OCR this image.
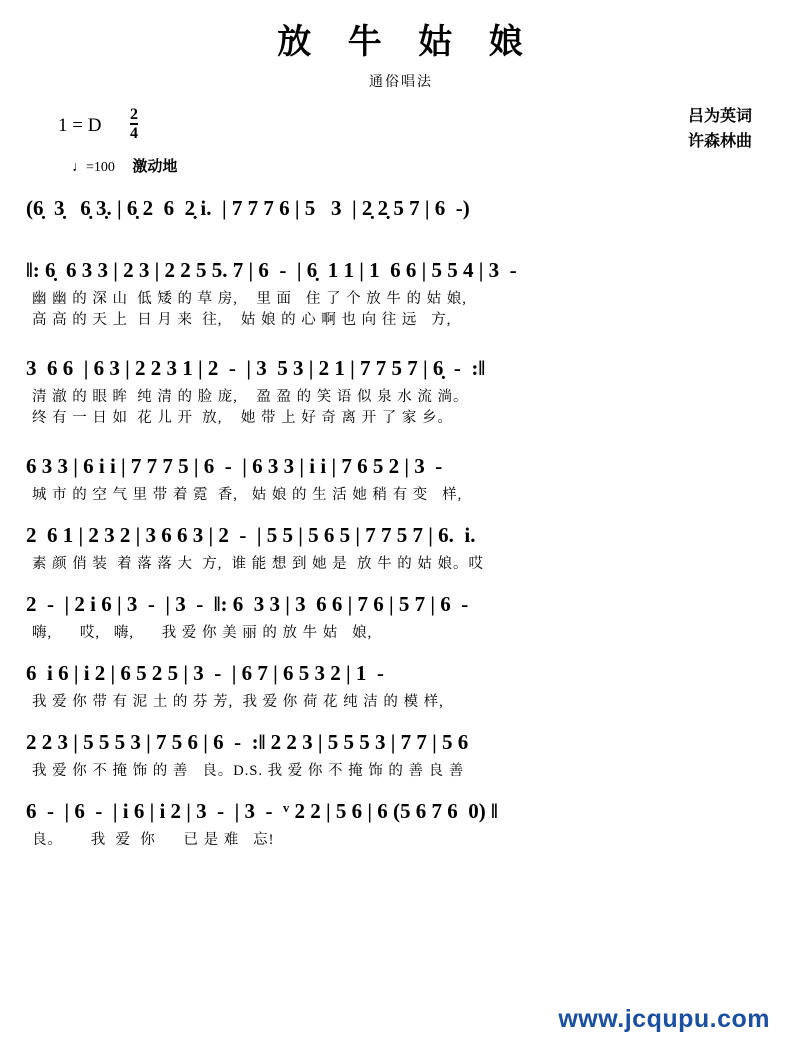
放 牛 姑 娘
通俗唱法
1 = D $\frac{2}{4}$	吕为英词
许森林曲
♩=100 激动地
(6̣  3̣   6̣ 3̣. | 6̣ 2  6  2̣ i.  | 7 7 7 6 | 5   3  | 2̣ 2̣ 5 7 | 6  -)
‖: 6̣  6 3 3 | 2 3 | 2 2 5 5. 7 | 6  -  | 6̣  1 1 | 1  6 6 | 5 5 4 | 3  -
幽 幽 的 深 山  低 矮 的 草 房,    里 面   住 了 个 放 牛 的 姑 娘,
高 高 的 天 上  日 月 来  往,    姑 娘 的 心 啊 也 向 往 远   方,
3  6 6  | 6 3 | 2 2 3 1 | 2  -  | 3  5 3 | 2 1 | 7 7 5 7 | 6̣  -  :‖
清 澈 的 眼 眸  纯 清 的 脸 庞,    盈 盈 的 笑 语 似 泉 水 流 淌。
终 有 一 日 如  花 儿 开  放,    她 带 上 好 奇 离 开 了 家 乡。
6 3 3 | 6 i i | 7 7 7 5 | 6  -  | 6 3 3 | i i | 7 6 5 2 | 3  -
城 市 的 空 气 里 带 着 霓  香,   姑 娘 的 生 活 她 稍 有 变   样,
2  6 1 | 2 3 2 | 3 6 6 3 | 2  -  | 5 5 | 5 6 5 | 7 7 5 7 | 6.  i.
素 颜 俏 装  着 落 落 大  方,  谁 能 想 到 她 是  放 牛 的 姑 娘。哎
2  -  | 2 i 6 | 3  -  | 3  -  ‖: 6  3 3 | 3  6 6 | 7 6 | 5 7 | 6  -
嗨,      哎,   嗨,      我 爱 你 美 丽 的 放 牛 姑   娘,
6  i 6 | i 2 | 6 5 2 5 | 3  -  | 6 7 | 6 5 3 2 | 1  -
我 爱 你 带 有 泥 土 的 芬 芳,  我 爱 你 荷 花 纯 洁 的 模 样,
2 2 3 | 5 5 5 3 | 7 5 6 | 6  -  :‖ 2 2 3 | 5 5 5 3 | 7 7 | 5 6
我 爱 你 不 掩 饰 的 善   良。D.S. 我 爱 你 不 掩 饰 的 善 良 善
6  -  | 6  -  | i 6 | i 2 | 3  -  | 3  -  ᵛ 2 2 | 5 6 | 6 (5 6 7 6  0) ‖
良。      我  爱  你      已 是 难   忘!
www.jcqupu.com
